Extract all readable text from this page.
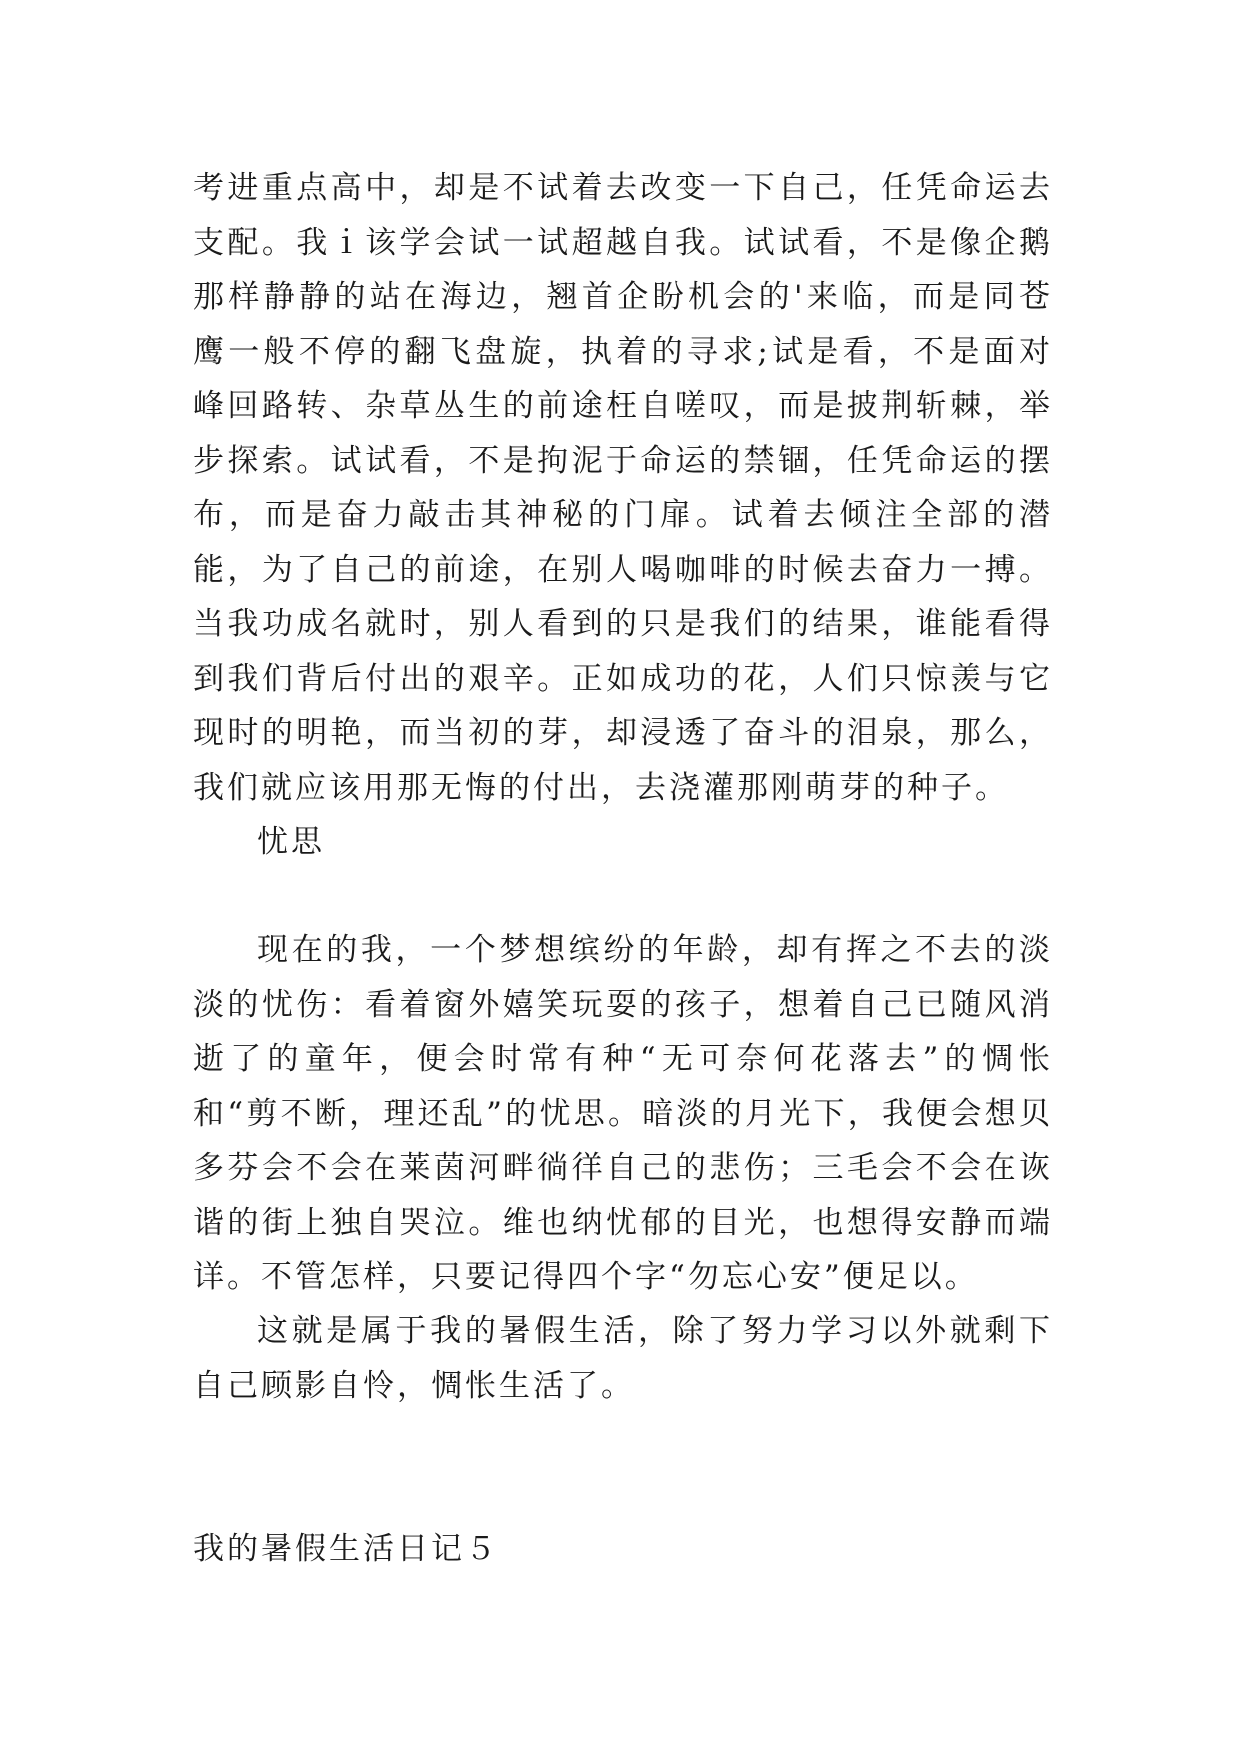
考进重点高中，却是不试着去改变一下自己，任凭命运去支配。我ｉ该学会试一试超越自我。试试看，不是像企鹅那样静静的站在海边，翘首企盼机会的'来临，而是同苍鹰一般不停的翻飞盘旋，执着的寻求;试是看，不是面对峰回路转、杂草丛生的前途枉自嗟叹，而是披荆斩棘，举步探索。试试看，不是拘泥于命运的禁锢，任凭命运的摆布，而是奋力敲击其神秘的门扉。试着去倾注全部的潜能，为了自己的前途，在别人喝咖啡的时候去奋力一搏。当我功成名就时，别人看到的只是我们的结果，谁能看得到我们背后付出的艰辛。正如成功的花，人们只惊羡与它现时的明艳，而当初的芽，却浸透了奋斗的泪泉，那么，我们就应该用那无悔的付出，去浇灌那刚萌芽的种子。

忧思

现在的我，一个梦想缤纷的年龄，却有挥之不去的淡淡的忧伤：看着窗外嬉笑玩耍的孩子，想着自己已随风消逝了的童年，便会时常有种“无可奈何花落去”的惆怅和“剪不断，理还乱”的忧思。暗淡的月光下，我便会想贝多芬会不会在莱茵河畔徜徉自己的悲伤；三毛会不会在诙谐的街上独自哭泣。维也纳忧郁的目光，也想得安静而端详。不管怎样，只要记得四个字“勿忘心安”便足以。

这就是属于我的暑假生活，除了努力学习以外就剩下自己顾影自怜，惆怅生活了。

我的暑假生活日记５
